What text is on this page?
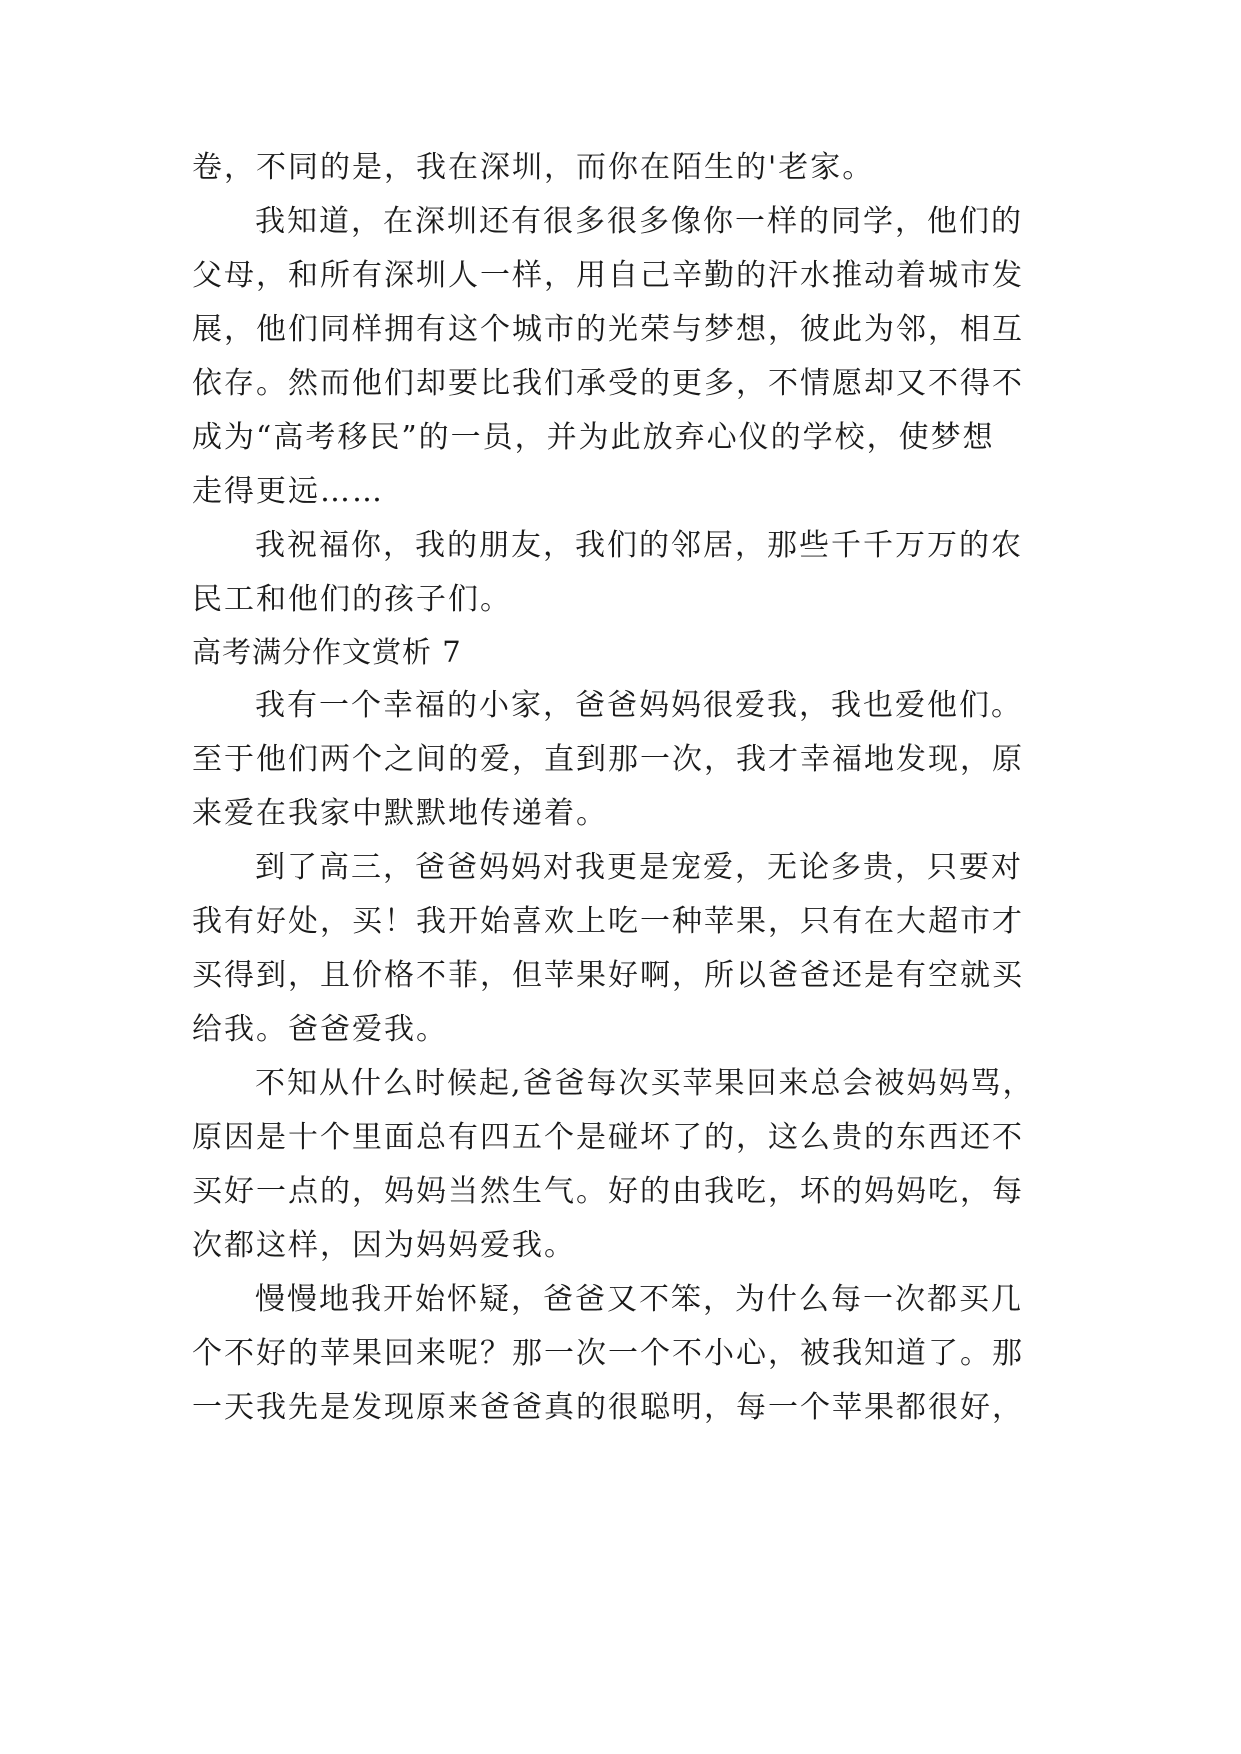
卷，不同的是，我在深圳，而你在陌生的'老家。
我知道，在深圳还有很多很多像你一样的同学，他们的
父母，和所有深圳人一样，用自己辛勤的汗水推动着城市发
展，他们同样拥有这个城市的光荣与梦想，彼此为邻，相互
依存。然而他们却要比我们承受的更多，不情愿却又不得不
成为“高考移民”的一员，并为此放弃心仪的学校，使梦想
走得更远……
我祝福你，我的朋友，我们的邻居，那些千千万万的农
民工和他们的孩子们。
高考满分作文赏析 7
我有一个幸福的小家，爸爸妈妈很爱我，我也爱他们。
至于他们两个之间的爱，直到那一次，我才幸福地发现，原
来爱在我家中默默地传递着。
到了高三，爸爸妈妈对我更是宠爱，无论多贵，只要对
我有好处，买！我开始喜欢上吃一种苹果，只有在大超市才
买得到，且价格不菲，但苹果好啊，所以爸爸还是有空就买
给我。爸爸爱我。
不知从什么时候起,爸爸每次买苹果回来总会被妈妈骂，
原因是十个里面总有四五个是碰坏了的，这么贵的东西还不
买好一点的，妈妈当然生气。好的由我吃，坏的妈妈吃，每
次都这样，因为妈妈爱我。
慢慢地我开始怀疑，爸爸又不笨，为什么每一次都买几
个不好的苹果回来呢？那一次一个不小心，被我知道了。那
一天我先是发现原来爸爸真的很聪明，每一个苹果都很好，
